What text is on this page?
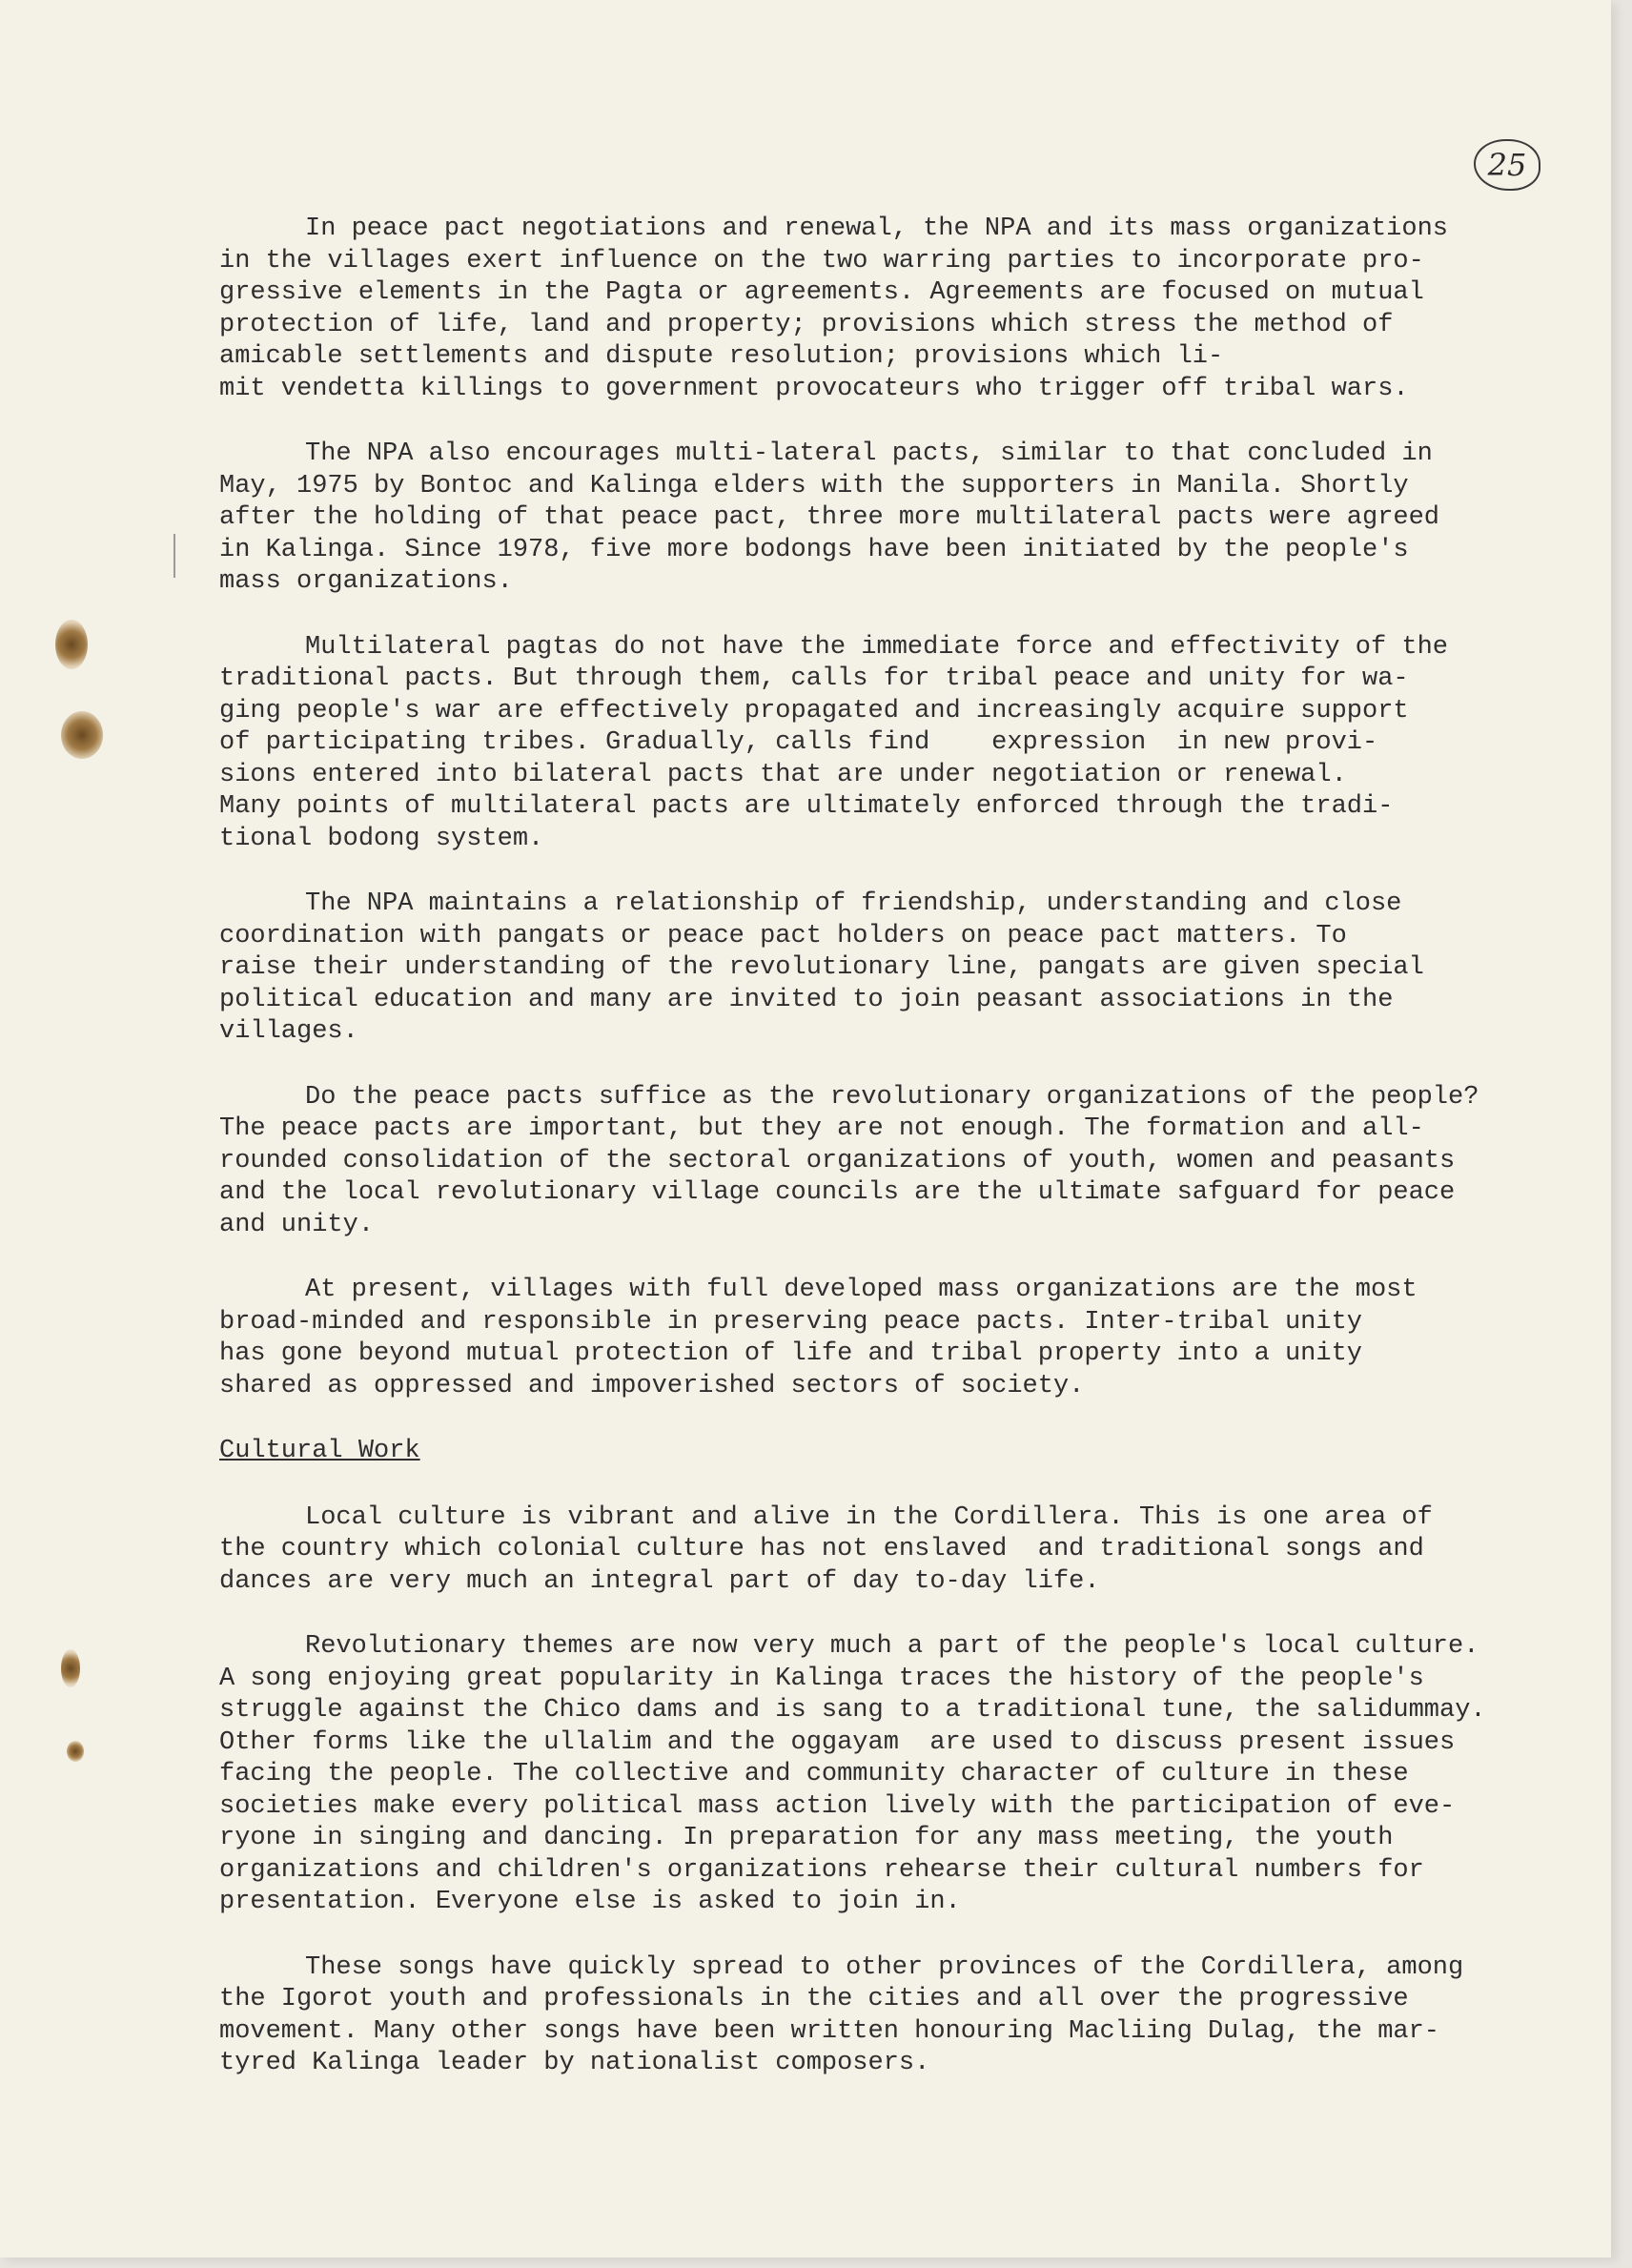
25
In peace pact negotiations and renewal, the NPA and its mass organizations
in the villages exert influence on the two warring parties to incorporate pro-
gressive elements in the Pagta or agreements. Agreements are focused on mutual
protection of life, land and property; provisions which stress the method of
amicable settlements and dispute resolution; provisions which li-
mit vendetta killings to government provocateurs who trigger off tribal wars.
The NPA also encourages multi-lateral pacts, similar to that concluded in
May, 1975 by Bontoc and Kalinga elders with the supporters in Manila. Shortly
after the holding of that peace pact, three more multilateral pacts were agreed
in Kalinga. Since 1978, five more bodongs have been initiated by the people's
mass organizations.
Multilateral pagtas do not have the immediate force and effectivity of the
traditional pacts. But through them, calls for tribal peace and unity for wa-
ging people's war are effectively propagated and increasingly acquire support
of participating tribes. Gradually, calls find    expression  in new provi-
sions entered into bilateral pacts that are under negotiation or renewal.
Many points of multilateral pacts are ultimately enforced through the tradi-
tional bodong system.
The NPA maintains a relationship of friendship, understanding and close
coordination with pangats or peace pact holders on peace pact matters. To
raise their understanding of the revolutionary line, pangats are given special
political education and many are invited to join peasant associations in the
villages.
Do the peace pacts suffice as the revolutionary organizations of the people?
The peace pacts are important, but they are not enough. The formation and all-
rounded consolidation of the sectoral organizations of youth, women and peasants
and the local revolutionary village councils are the ultimate safguard for peace
and unity.
At present, villages with full developed mass organizations are the most
broad-minded and responsible in preserving peace pacts. Inter-tribal unity
has gone beyond mutual protection of life and tribal property into a unity
shared as oppressed and impoverished sectors of society.
Cultural Work
Local culture is vibrant and alive in the Cordillera. This is one area of
the country which colonial culture has not enslaved  and traditional songs and
dances are very much an integral part of day to-day life.
Revolutionary themes are now very much a part of the people's local culture.
A song enjoying great popularity in Kalinga traces the history of the people's
struggle against the Chico dams and is sang to a traditional tune, the salidummay.
Other forms like the ullalim and the oggayam  are used to discuss present issues
facing the people. The collective and community character of culture in these
societies make every political mass action lively with the participation of eve-
ryone in singing and dancing. In preparation for any mass meeting, the youth
organizations and children's organizations rehearse their cultural numbers for
presentation. Everyone else is asked to join in.
These songs have quickly spread to other provinces of the Cordillera, among
the Igorot youth and professionals in the cities and all over the progressive
movement. Many other songs have been written honouring Macliing Dulag, the mar-
tyred Kalinga leader by nationalist composers.
